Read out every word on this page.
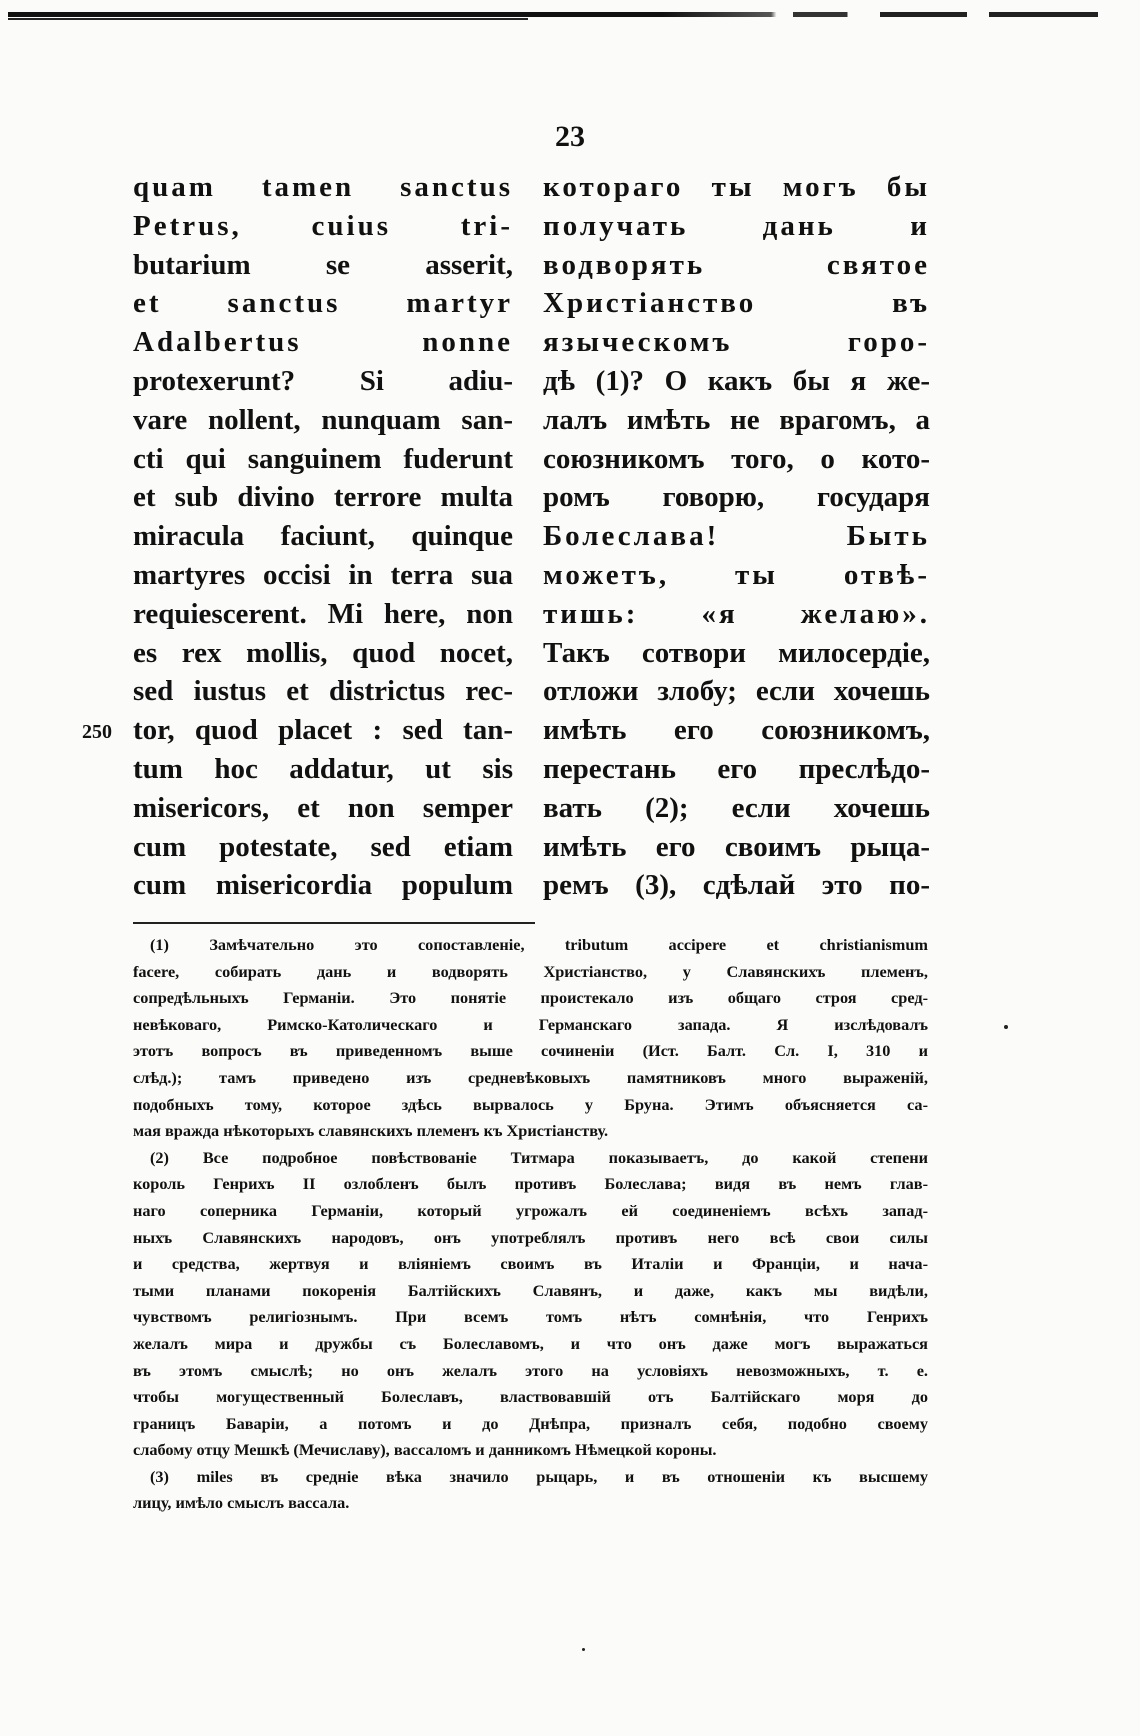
23
quam tamen sanctus
Petrus, cuius tri-
butarium se asserit,
et sanctus martyr
Adalbertus nonne
protexerunt? Si adiu-
vare nollent, nunquam san-
cti qui sanguinem fuderunt
et sub divino terrore multa
miracula faciunt, quinque
martyres occisi in terra sua
requiescerent. Mi here, non
es rex mollis, quod nocet,
sed iustus et districtus rec-
tor, quod placet : sed tan-
tum hoc addatur, ut sis
misericors, et non semper
cum potestate, sed etiam
cum misericordia populum
250
котораго ты могъ бы
получать дань и
водворять святое
Христіанство въ
языческомъ горо-
дѣ (1)? О какъ бы я же-
лалъ имѣть не врагомъ, а
союзникомъ того, о кото-
ромъ говорю, государя
Болеслава! Быть
можетъ, ты отвѣ-
тишь: «я желаю».
Такъ сотвори милосердіе,
отложи злобу; если хочешь
имѣть его союзникомъ,
перестань его преслѣдо-
вать (2); если хочешь
имѣть его своимъ рыца-
ремъ (3), сдѣлай это по-
(1) Замѣчательно это сопоставленіе, tributum accipere et christianismum
facere, собирать дань и водворять Христіанство, у Славянскихъ племенъ,
сопредѣльныхъ Германіи. Это понятіе проистекало изъ общаго строя сред-
невѣковаго, Римско-Католическаго и Германскаго запада. Я изслѣдовалъ
этотъ вопросъ въ приведенномъ выше сочиненіи (Ист. Балт. Сл. I, 310 и
слѣд.); тамъ приведено изъ средневѣковыхъ памятниковъ много выраженій,
подобныхъ тому, которое здѣсь вырвалось у Бруна. Этимъ объясняется са-
мая вражда нѣкоторыхъ славянскихъ племенъ къ Христіанству.
(2) Все подробное повѣствованіе Титмара показываетъ, до какой степени
король Генрихъ II озлобленъ былъ противъ Болеслава; видя въ немъ глав-
наго соперника Германіи, который угрожалъ ей соединеніемъ всѣхъ запад-
ныхъ Славянскихъ народовъ, онъ употреблялъ противъ него всѣ свои силы
и средства, жертвуя и вліяніемъ своимъ въ Италіи и Франціи, и нача-
тыми планами покоренія Балтійскихъ Славянъ, и даже, какъ мы видѣли,
чувствомъ религіознымъ. При всемъ томъ нѣтъ сомнѣнія, что Генрихъ
желалъ мира и дружбы съ Болеславомъ, и что онъ даже могъ выражаться
въ этомъ смыслѣ; но онъ желалъ этого на условіяхъ невозможныхъ, т. е.
чтобы могущественный Болеславъ, властвовавшій отъ Балтійскаго моря до
границъ Баваріи, а потомъ и до Днѣпра, призналъ себя, подобно своему
слабому отцу Мешкѣ (Мечиславу), вассаломъ и данникомъ Нѣмецкой короны.
(3) miles въ средніе вѣка значило рыцарь, и въ отношеніи къ высшему
лицу, имѣло смыслъ вассала.
